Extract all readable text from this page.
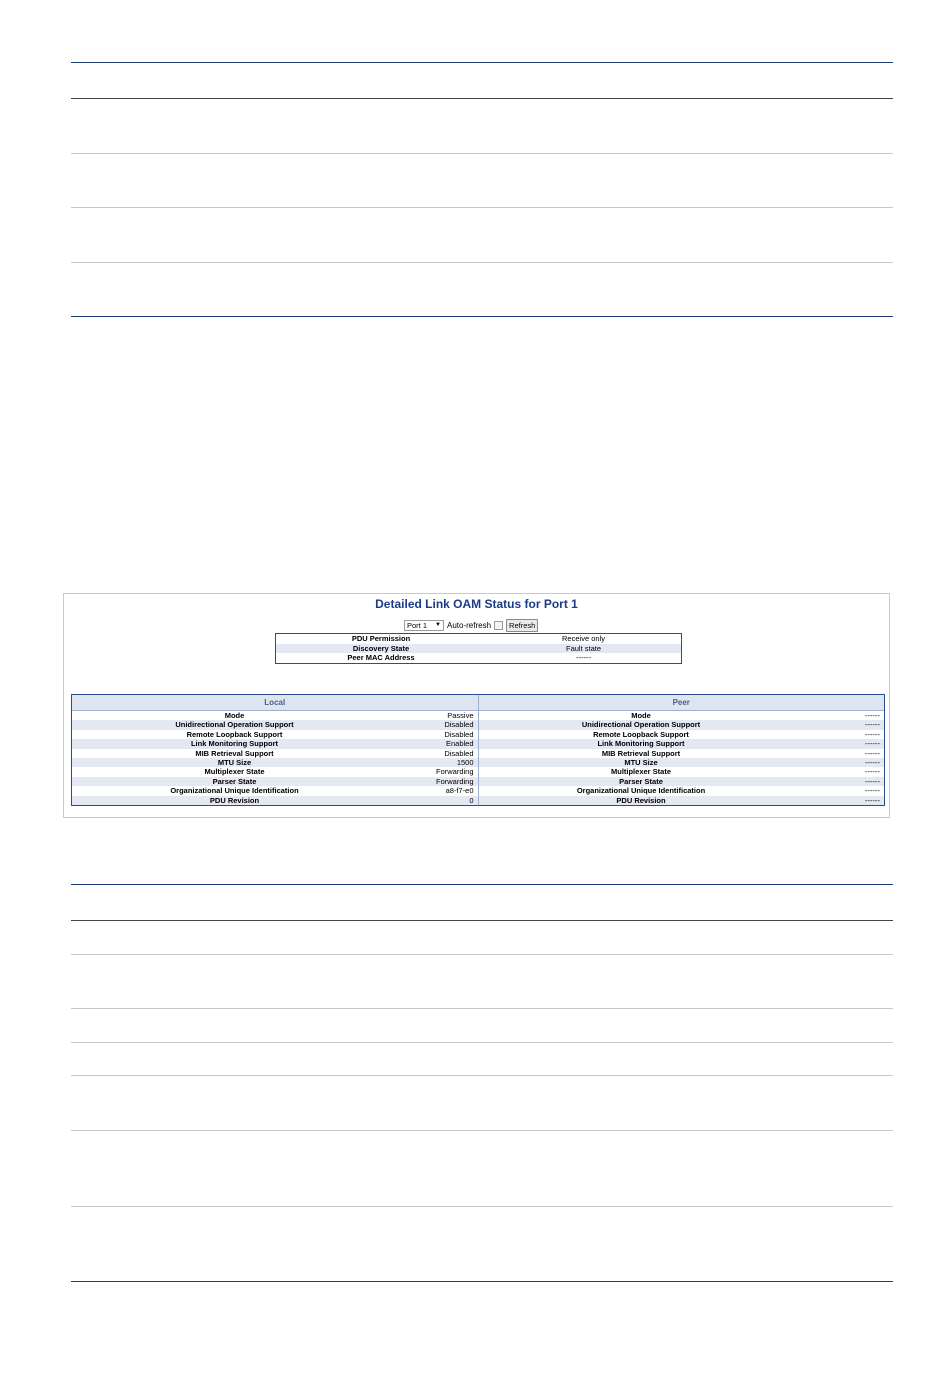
Detailed Link OAM Status for Port 1
Port 1 ▼ Auto-refresh	Refresh
PDU Permission	Receive only
Discovery State	Fault state
Peer MAC Address	------
Local
Mode	Passive
Unidirectional Operation Support	Disabled
Remote Loopback Support	Disabled
Link Monitoring Support	Enabled
MIB Retrieval Support	Disabled
MTU Size	1500
Multiplexer State	Forwarding
Parser State	Forwarding
Organizational Unique Identification	a8-f7-e0
PDU Revision	0
Peer
Mode	------
Unidirectional Operation Support	------
Remote Loopback Support	------
Link Monitoring Support	------
MIB Retrieval Support	------
MTU Size	------
Multiplexer State	------
Parser State	------
Organizational Unique Identification	------
PDU Revision	------
